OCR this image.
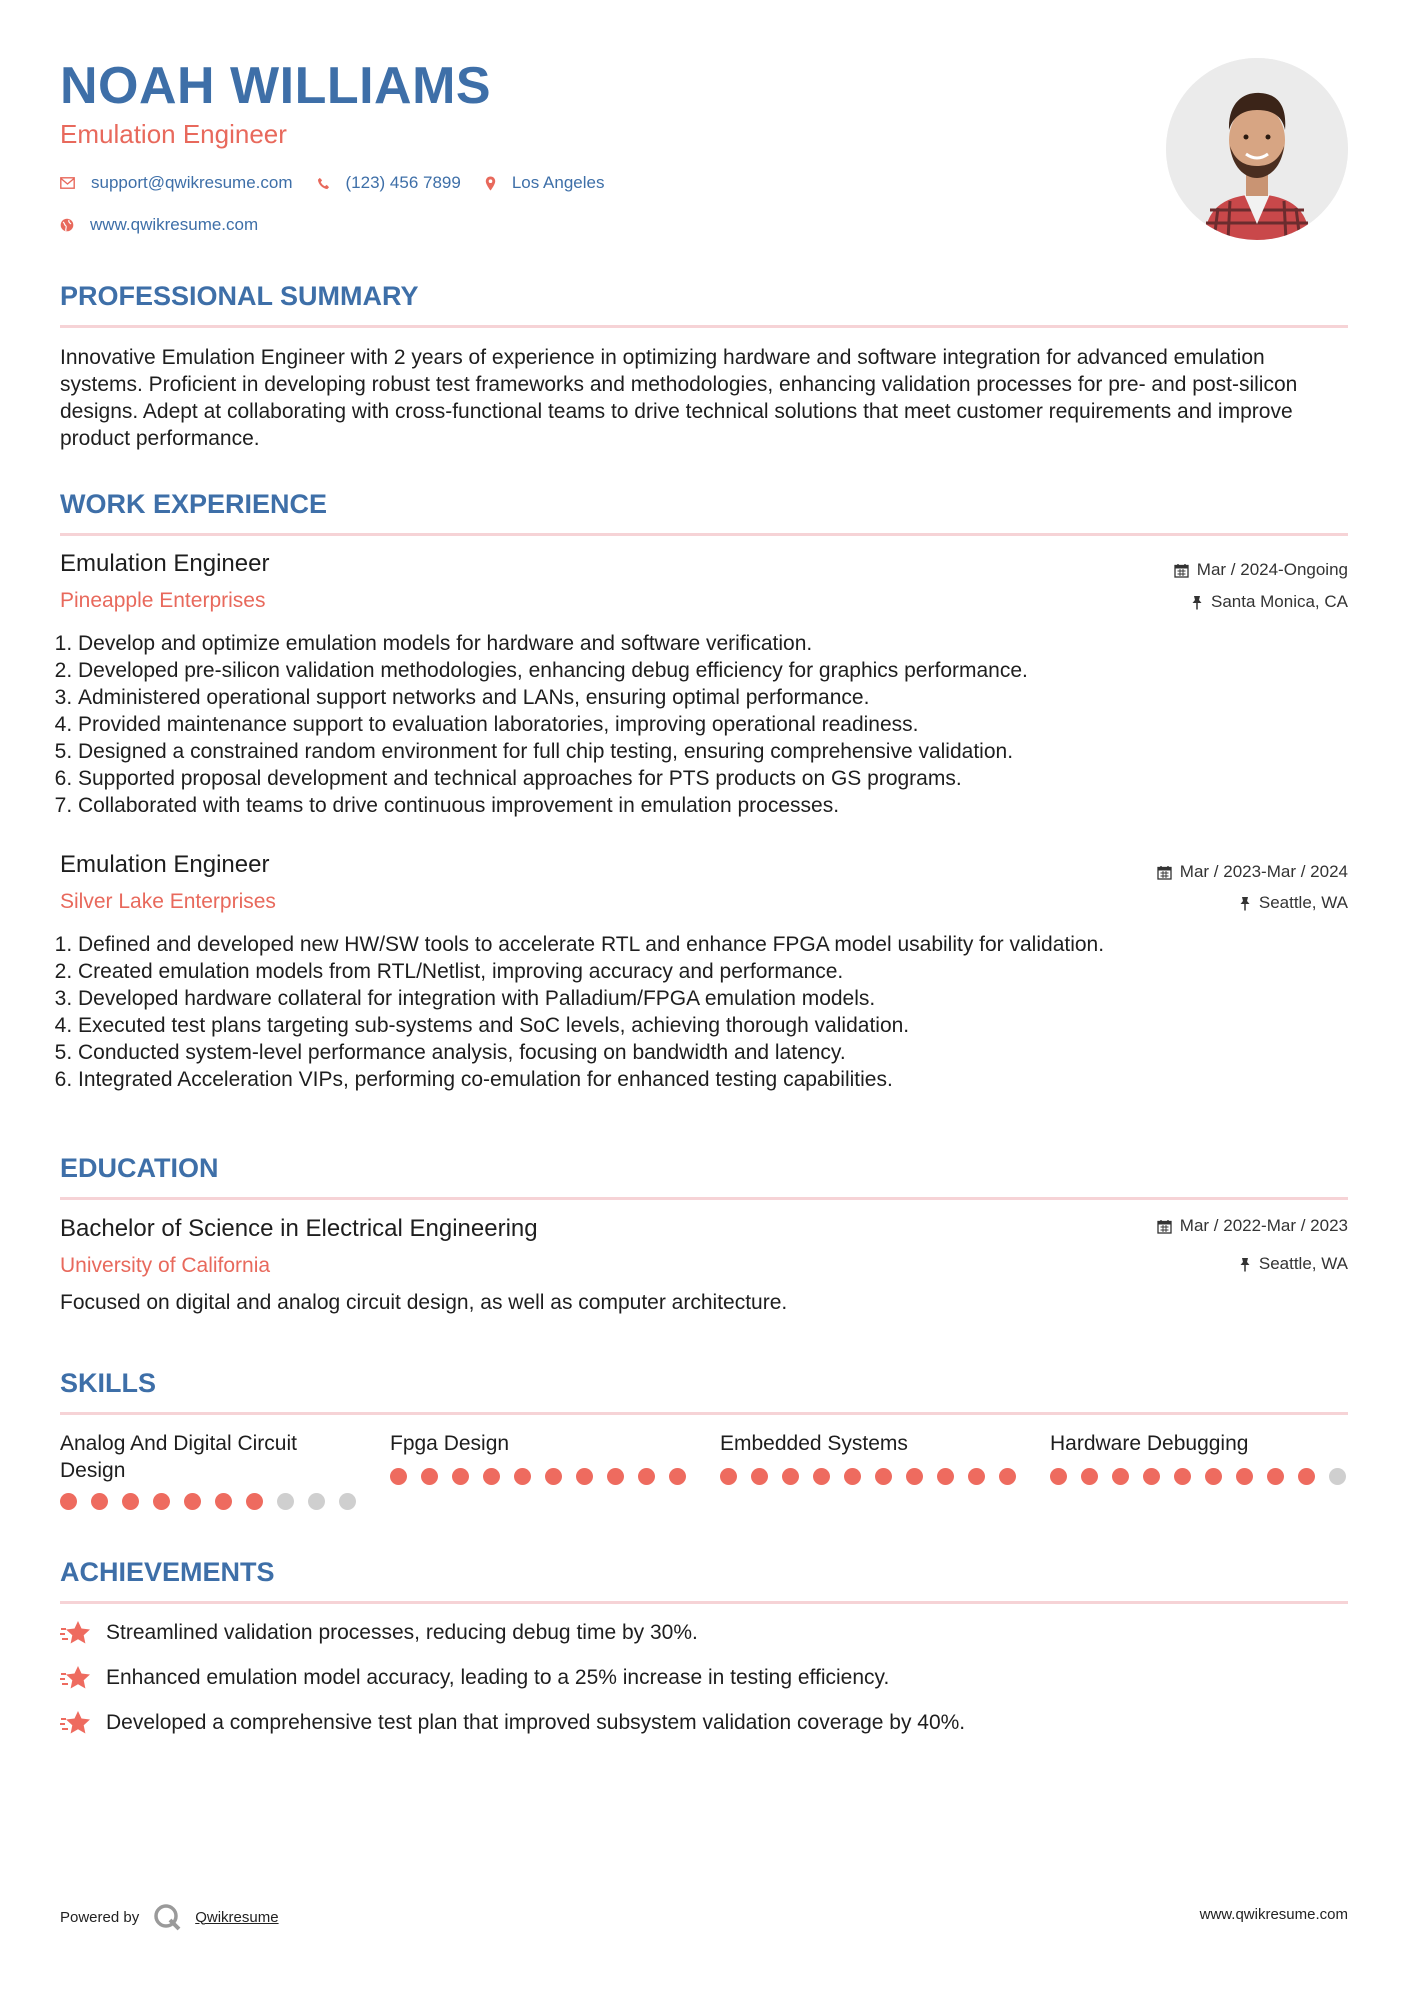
NOAH WILLIAMS
Emulation Engineer
support@qwikresume.com	(123) 456 7899	Los Angeles
www.qwikresume.com
PROFESSIONAL SUMMARY

Innovative Emulation Engineer with 2 years of experience in optimizing hardware and software integration for advanced emulation systems. Proficient in developing robust test frameworks and methodologies, enhancing validation processes for pre- and post-silicon designs. Adept at collaborating with cross-functional teams to drive technical solutions that meet customer requirements and improve product performance.

WORK EXPERIENCE
Emulation Engineer
Pineapple Enterprises
Mar / 2024-Ongoing
Santa Monica, CA
1. Develop and optimize emulation models for hardware and software verification.
2. Developed pre-silicon validation methodologies, enhancing debug efficiency for graphics performance.
3. Administered operational support networks and LANs, ensuring optimal performance.
4. Provided maintenance support to evaluation laboratories, improving operational readiness.
5. Designed a constrained random environment for full chip testing, ensuring comprehensive validation.
6. Supported proposal development and technical approaches for PTS products on GS programs.
7. Collaborated with teams to drive continuous improvement in emulation processes.
Emulation Engineer
Silver Lake Enterprises
Mar / 2023-Mar / 2024
Seattle, WA
1. Defined and developed new HW/SW tools to accelerate RTL and enhance FPGA model usability for validation.
2. Created emulation models from RTL/Netlist, improving accuracy and performance.
3. Developed hardware collateral for integration with Palladium/FPGA emulation models.
4. Executed test plans targeting sub-systems and SoC levels, achieving thorough validation.
5. Conducted system-level performance analysis, focusing on bandwidth and latency.
6. Integrated Acceleration VIPs, performing co-emulation for enhanced testing capabilities.
EDUCATION
Bachelor of Science in Electrical Engineering
University of California
Mar / 2022-Mar / 2023
Seattle, WA

Focused on digital and analog circuit design, as well as computer architecture.

SKILLS
Analog And Digital Circuit Design
Fpga Design	Embedded Systems	Hardware Debugging
ACHIEVEMENTS
Streamlined validation processes, reducing debug time by 30%.
Enhanced emulation model accuracy, leading to a 25% increase in testing efficiency.
Developed a comprehensive test plan that improved subsystem validation coverage by 40%.
Powered by	Qwikresume	www.qwikresume.com
